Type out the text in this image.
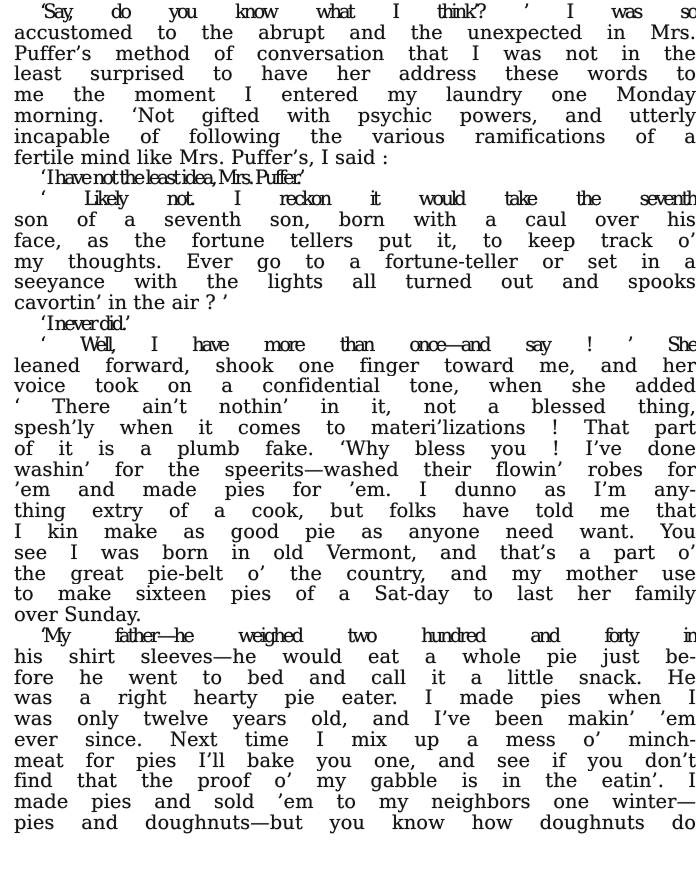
‘Say, do you know what I think’? ’ I was so
accustomed to the abrupt and the unexpected in Mrs.
Puffer’s method of conversation that I was not in the
least surprised to have her address these words to
me the moment I entered my laundry one Monday
morning. ‘Not gifted with psychic powers, and utterly
incapable of following the various ramifications of a
fertile mind like Mrs. Puffer’s, I said :
‘ I have not the least idea, Mrs. Puffer.’
‘ Likely not. I reckon it would take the seventh
son of a seventh son, born with a caul over his
face, as the fortune tellers put it, to keep track o’
my thoughts. Ever go to a fortune-teller or set in a
seeyance with the lights all turned out and spooks
cavortin’ in the air ? ’
‘ I never did.’
‘ Well, I have more than once—and say ! ’ She
leaned forward, shook one finger toward me, and her
voice took on a confidential tone, when she added
‘ There ain’t nothin’ in it, not a blessed thing,
spesh’ly when it comes to materi’lizations ! That part
of it is a plumb fake. ‘Why bless you ! I’ve done
washin’ for the speerits—washed their flowin’ robes for
’em and made pies for ’em. I dunno as I’m any-
thing extry of a cook, but folks have told me that
I kin make as good pie as anyone need want. You
see I was born in old Vermont, and that’s a part o’
the great pie-belt o’ the country, and my mother use
to make sixteen pies of a Sat-day to last her family
over Sunday.
‘My father—he weighed two hundred and forty in
his shirt sleeves—he would eat a whole pie just be-
fore he went to bed and call it a little snack. He
was a right hearty pie eater. I made pies when I
was only twelve years old, and I’ve been makin’ ’em
ever since. Next time I mix up a mess o’ minch-
meat for pies I’ll bake you one, and see if you don’t
find that the proof o’ my gabble is in the eatin’. I
made pies and sold ’em to my neighbors one winter—
pies and doughnuts—but you know how doughnuts do
